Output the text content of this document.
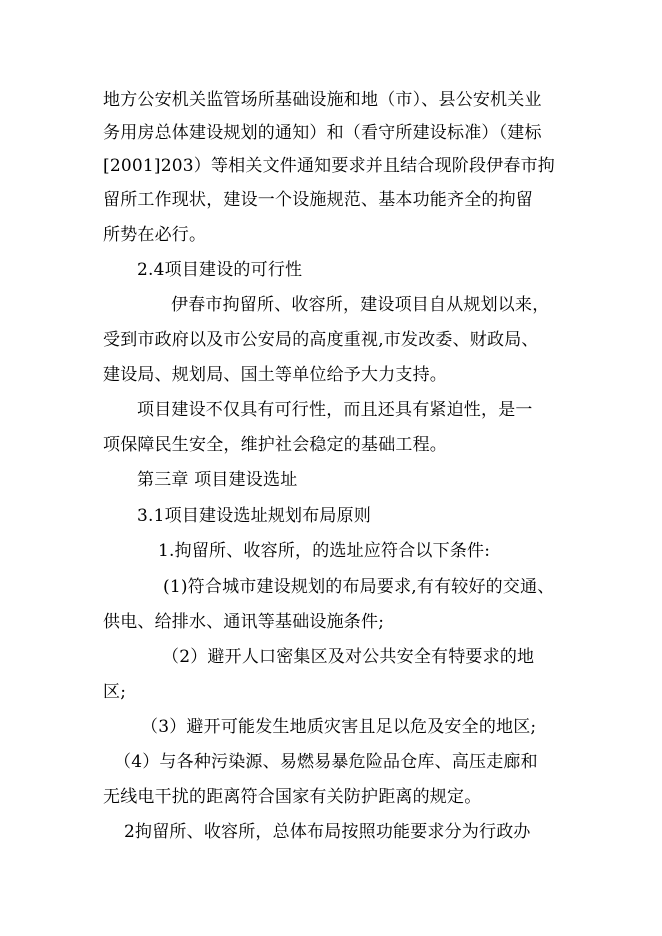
地方公安机关监管场所基础设施和地（市）、县公安机关业
务用房总体建设规划的通知）和（看守所建设标准）（建标
[2001]203）等相关文件通知要求并且结合现阶段伊春市拘
留所工作现状，建设一个设施规范、基本功能齐全的拘留
所势在必行。
2.4项目建设的可行性
伊春市拘留所、收容所，建设项目自从规划以来，
受到市政府以及市公安局的高度重视,市发改委、财政局、
建设局、规划局、国土等单位给予大力支持。
项目建设不仅具有可行性，而且还具有紧迫性，是一
项保障民生安全，维护社会稳定的基础工程。
第三章 项目建设选址
3.1项目建设选址规划布局原则
1.拘留所、收容所，的选址应符合以下条件:
(1)符合城市建设规划的布局要求,有有较好的交通、
供电、给排水、通讯等基础设施条件;
（2）避开人口密集区及对公共安全有特要求的地
区;
（3）避开可能发生地质灾害且足以危及安全的地区;
（4）与各种污染源、易燃易暴危险品仓库、高压走廊和
无线电干扰的距离符合国家有关防护距离的规定。
2拘留所、收容所，总体布局按照功能要求分为行政办
